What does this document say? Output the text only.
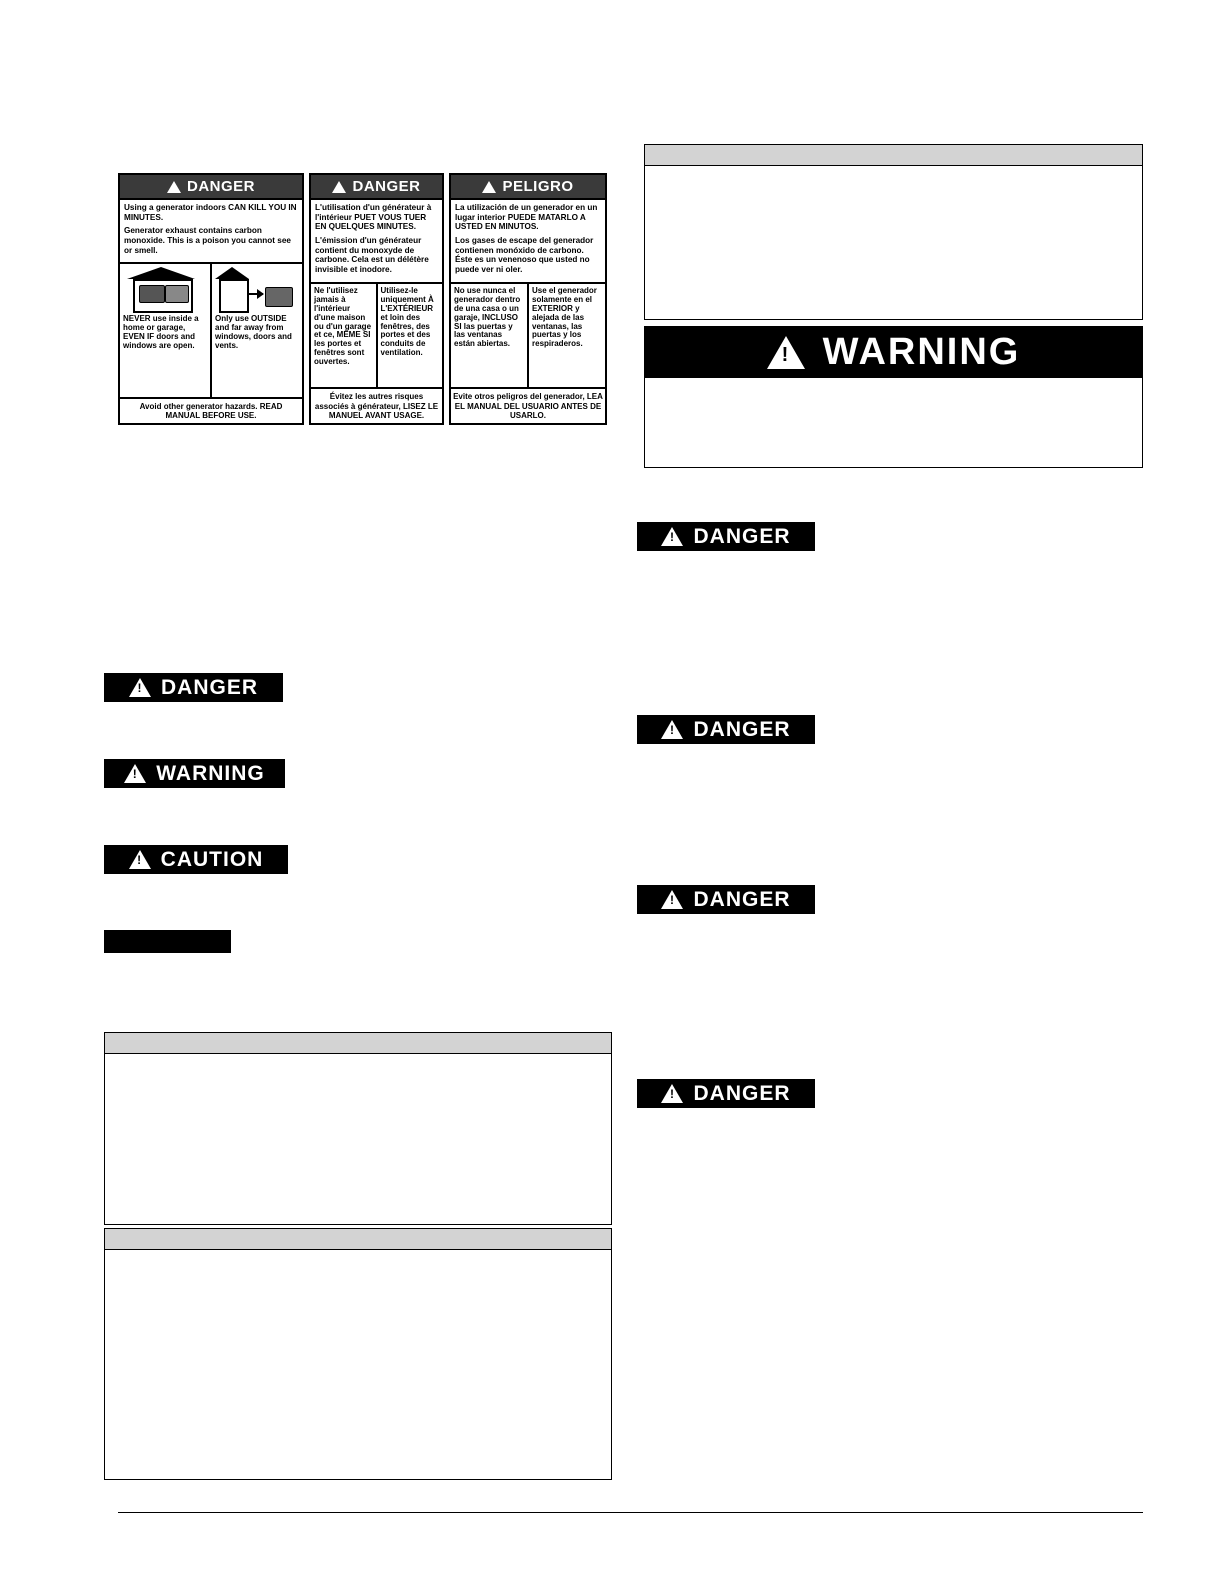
DANGER

Using a generator indoors CAN KILL YOU IN MINUTES.

Generator exhaust contains carbon monoxide. This is a poison you cannot see or smell.

NEVER use inside a home or garage, EVEN IF doors and windows are open.
Only use OUTSIDE and far away from windows, doors and vents.
Avoid other generator hazards. READ MANUAL BEFORE USE.
DANGER

L'utilisation d'un générateur à l'intérieur PUET VOUS TUER EN QUELQUES MINUTES.

L'émission d'un générateur contient du monoxyde de carbone. Cela est un délétère invisible et inodore.

Ne l'utilisez jamais à l'intérieur d'une maison ou d'un garage et ce, MÊME SI les portes et fenêtres sont ouvertes.
Utilisez-le uniquement À L'EXTÉRIEUR et loin des fenêtres, des portes et des conduits de ventilation.
Évitez les autres risques associés à générateur, LISEZ LE MANUEL AVANT USAGE.
PELIGRO

La utilización de un generador en un lugar interior PUEDE MATARLO A USTED EN MINUTOS.

Los gases de escape del generador contienen monóxido de carbono. Éste es un venenoso que usted no puede ver ni oler.

No use nunca el generador dentro de una casa o un garaje, INCLUSO SI las puertas y las ventanas están abiertas.
Use el generador solamente en el EXTERIOR y alejada de las ventanas, las puertas y los respiraderos.
Evite otros peligros del generador, LEA EL MANUAL DEL USUARIO ANTES DE USARLO.
!
DANGER
!
WARNING
!
CAUTION
!
WARNING
!
DANGER
!
DANGER
!
DANGER
!
DANGER
